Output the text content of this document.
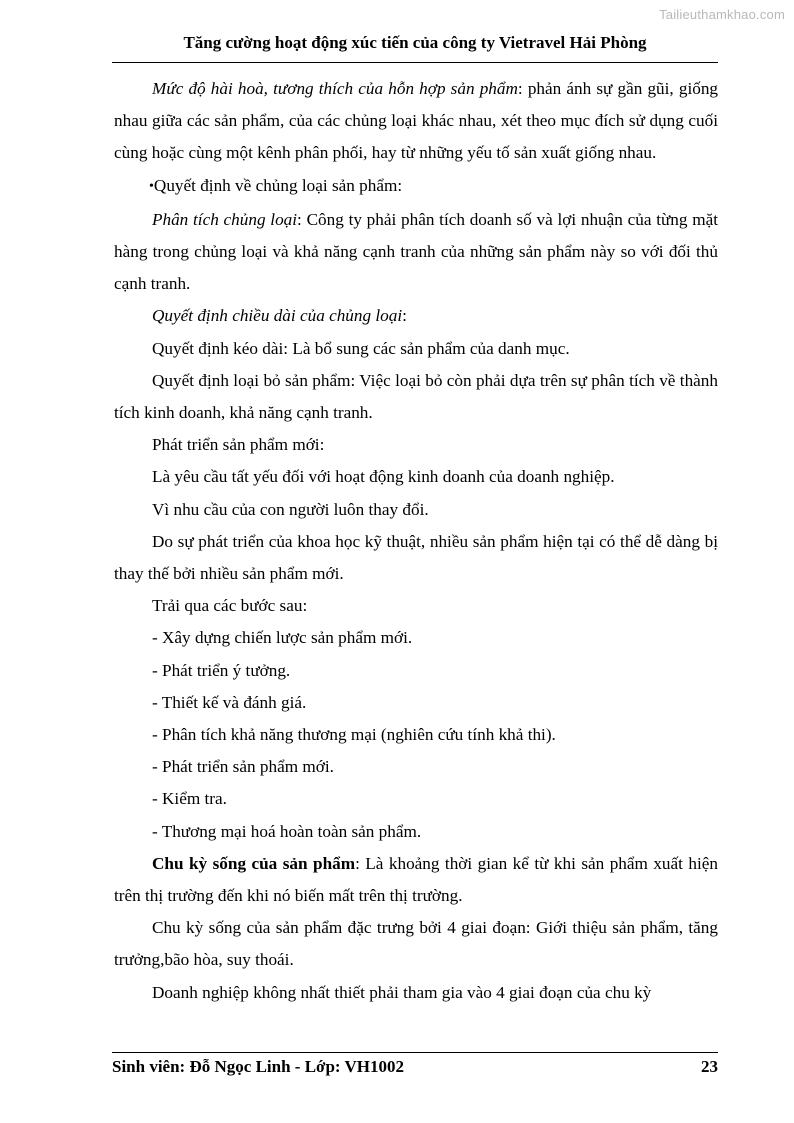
Tailieuthamkhao.com
Tăng cường hoạt động xúc tiến của công ty Vietravel Hải Phòng

Mức độ hài hoà, tương thích của hỗn hợp sản phẩm: phản ánh sự gần gũi, giống nhau giữa các sản phẩm, của các chủng loại khác nhau, xét theo mục đích sử dụng cuối cùng hoặc cùng một kênh phân phối, hay từ những yếu tố sản xuất giống nhau.

•Quyết định về chủng loại sản phẩm:

Phân tích chủng loại: Công ty phải phân tích doanh số và lợi nhuận của từng mặt hàng trong chủng loại và khả năng cạnh tranh của những sản phẩm này so với đối thủ cạnh tranh.

Quyết định chiều dài của chủng loại:

Quyết định kéo dài: Là bổ sung các sản phẩm của danh mục.

Quyết định loại bỏ sản phẩm: Việc loại bỏ còn phải dựa trên sự phân tích về thành tích kinh doanh, khả năng cạnh tranh.

Phát triển sản phẩm mới:

Là yêu cầu tất yếu đối với hoạt động kinh doanh của doanh nghiệp.

Vì nhu cầu của con người luôn thay đổi.

Do sự phát triển của khoa học kỹ thuật, nhiều sản phẩm hiện tại có thể dễ dàng bị thay thế bởi nhiều sản phẩm mới.

Trải qua các bước sau:

- Xây dựng chiến lược sản phẩm mới.

- Phát triển ý tưởng.

- Thiết kế và đánh giá.

- Phân tích khả năng thương mại (nghiên cứu tính khả thi).

- Phát triển sản phẩm mới.

- Kiểm tra.

- Thương mại hoá hoàn toàn sản phẩm.

Chu kỳ sống của sản phẩm: Là khoảng thời gian kể từ khi sản phẩm xuất hiện trên thị trường đến khi nó biến mất trên thị trường.

Chu kỳ sống của sản phẩm đặc trưng bởi 4 giai đoạn: Giới thiệu sản phẩm, tăng trưởng,bão hòa, suy thoái.

Doanh nghiệp không nhất thiết phải tham gia vào 4 giai đoạn của chu kỳ

Sinh viên: Đỗ Ngọc Linh - Lớp: VH1002	23
